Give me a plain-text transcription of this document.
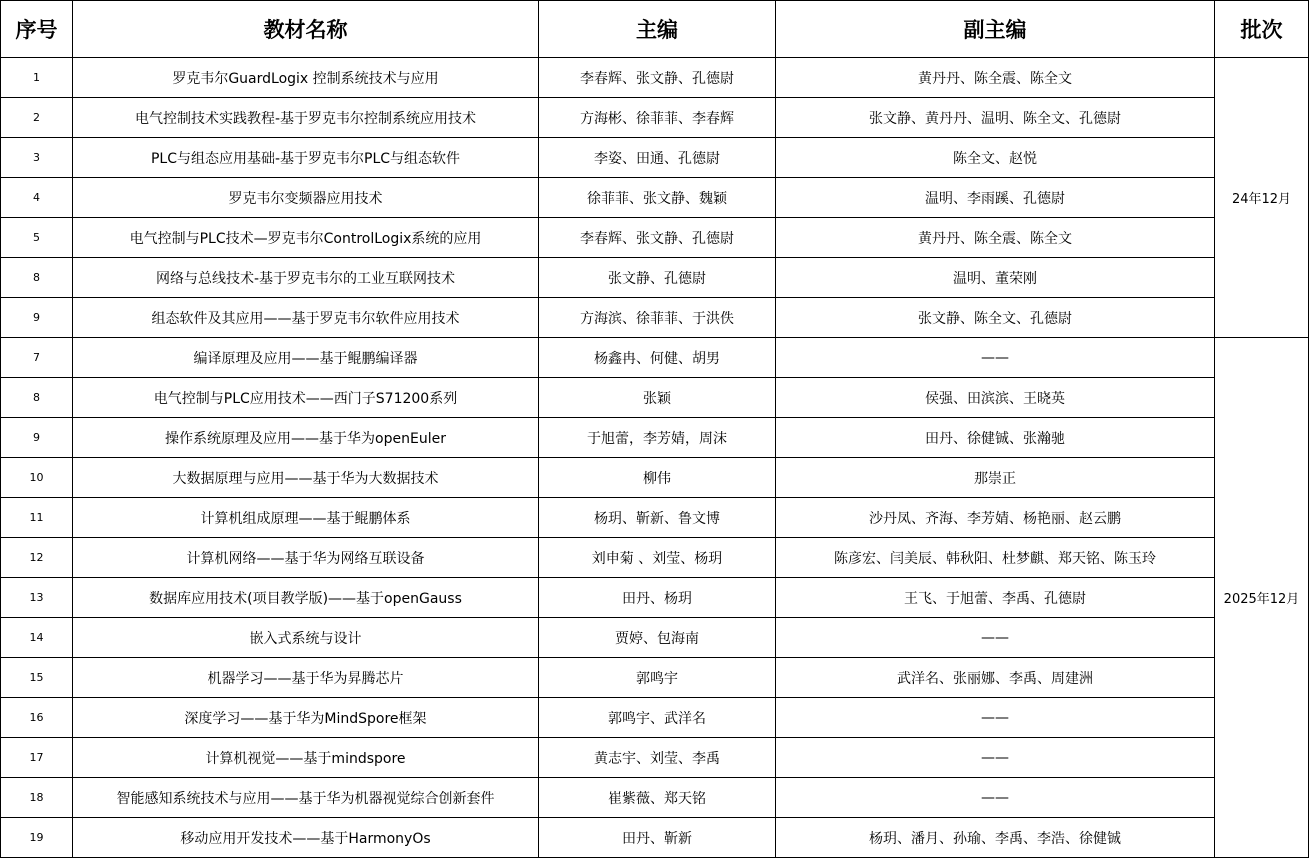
序号	教材名称	主编	副主编	批次
1	罗克韦尔GuardLogix 控制系统技术与应用	李春辉、张文静、孔德尉	黄丹丹、陈全震、陈全文	24年12月
2	电气控制技术实践教程-基于罗克韦尔控制系统应用技术	方海彬、徐菲菲、李春辉	张文静、黄丹丹、温明、陈全文、孔德尉	
3	PLC与组态应用基础-基于罗克韦尔PLC与组态软件	李姿、田通、孔德尉	陈全文、赵悦	
4	罗克韦尔变频器应用技术	徐菲菲、张文静、魏颖	温明、李雨蹊、孔德尉	
5	电气控制与PLC技术—罗克韦尔ControlLogix系统的应用	李春辉、张文静、孔德尉	黄丹丹、陈全震、陈全文	
8	网络与总线技术-基于罗克韦尔的工业互联网技术	张文静、孔德尉	温明、董荣刚	
9	组态软件及其应用——基于罗克韦尔软件应用技术	方海滨、徐菲菲、于洪佚	张文静、陈全文、孔德尉	
7	编译原理及应用——基于鲲鹏编译器	杨鑫冉、何健、胡男	——	2025年12月
8	电气控制与PLC应用技术——西门子S71200系列	张颖	侯强、田滨滨、王晓英	
9	操作系统原理及应用——基于华为openEuler	于旭蕾，李芳婧，周沫	田丹、徐健铖、张瀚驰	
10	大数据原理与应用——基于华为大数据技术	柳伟	那崇正	
11	计算机组成原理——基于鲲鹏体系	杨玥、靳新、鲁文博	沙丹凤、齐海、李芳婧、杨艳丽、赵云鹏	
12	计算机网络——基于华为网络互联设备	刘申菊 、刘莹、杨玥	陈彦宏、闫美辰、韩秋阳、杜梦麒、郑天铭、陈玉玲	
13	数据库应用技术(项目教学版)——基于openGauss	田丹、杨玥	王飞、于旭蕾、李禹、孔德尉	
14	嵌入式系统与设计	贾婷、包海南	——	
15	机器学习——基于华为昇腾芯片	郭鸣宇	武洋名、张丽娜、李禹、周建洲	
16	深度学习——基于华为MindSpore框架	郭鸣宇、武洋名	——	
17	计算机视觉——基于mindspore	黄志宇、刘莹、李禹	——	
18	智能感知系统技术与应用——基于华为机器视觉综合创新套件	崔紫薇、郑天铭	——	
19	移动应用开发技术——基于HarmonyOs	田丹、靳新	杨玥、潘月、孙瑜、李禹、李浩、徐健铖	
